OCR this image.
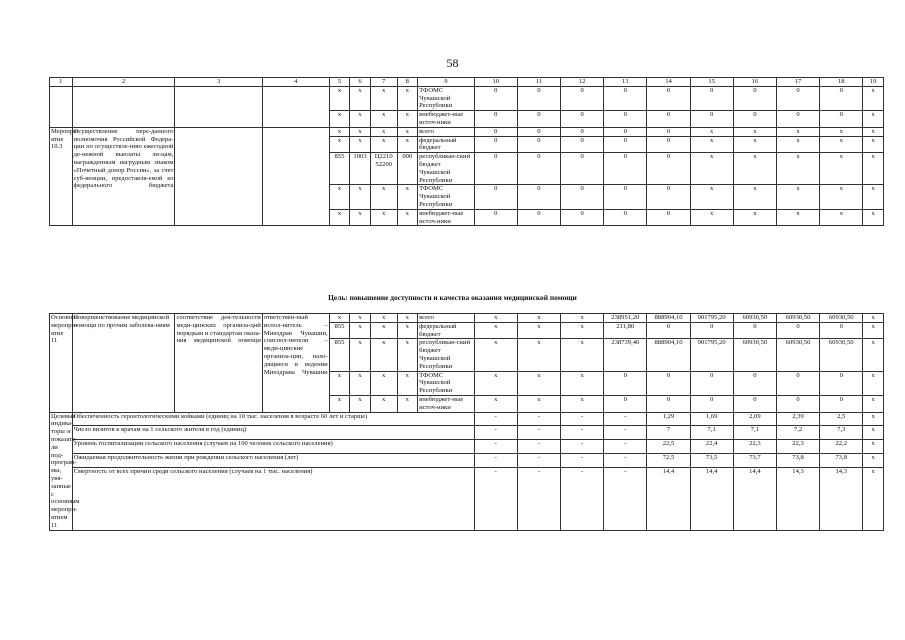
58
1	2	3	4	5	6	7	8	9	10	11	12	13	14	15	16	17	18	19
				x	x	x	x	ТФОМС Чувашской Республики	0	0	0	0	0	0	0	0	0	x
				x	x	x	x	внебюджет-ные источ-ники	0	0	0	0	0	0	0	0	0	x
Меропри-ятие 10.3	Осуществление пере-данного полномочия Российской Федера-ции по осуществле-нию ежегодной де-нежной выплаты ли-цам, награжденным нагрудным знаком «Почетный донор России», за счет суб-венции, предоставля-емой из федерального бюджета			x	x	x	x	всего	0	0	0	0	0	x	x	x	x	x
				x	x	x	x	федеральный бюджет	0	0	0	0	0	x	x	x	x	x
				855	1003	Ц2210 52200	000	республикан-ский бюджет Чувашской Республики	0	0	0	0	0	x	x	x	x	x
				x	x	x	x	ТФОМС Чувашской Республики	0	0	0	0	0	x	x	x	x	x
				x	x	x	x	внебюджет-ные источ-ники	0	0	0	0	0	x	x	x	x	x
Цель: повышение доступности и качества оказания медицинской помощи
Основное меропри-ятие 11	Совершенствование медицинской помощи по прочим заболева-ниям	соответствие дея-тельности меди-цинских организа-ций порядкам и стандартам оказа-ния медицинской помощи	ответствен-ный испол-нитель – Минздрав Чувашии, соиспол-нители – меди-цинские организа-ции, нахо-дящиеся в ведении Минздрава Чувашии	x	x	x	x	всего	x	x	x	238951,20	888904,10	901795,20	60930,50	60930,50	60930,50	x
				855	x	x	x	федеральный бюджет	x	x	x	211,80	0	0	0	0	0	x
				855	x	x	x	республикан-ский бюджет Чувашской Республики	x	x	x	238739,40	888904,10	901795,20	60930,50	60930,50	60930,50	x
				x	x	x	x	ТФОМС Чувашской Республики	x	x	x	0	0	0	0	0	0	x
				x	x	x	x	внебюджет-ные источ-ники	x	x	x	0	0	0	0	0	0	x
Целевые индика-торы и показате-ли под-програм-мы, увя-занные с основным меропри-ятием 11	Обеспеченность геронтологическими койками (единиц на 10 тыс. населения в возрасте 60 лет и старше)								-	-	-	-	1,29	1,69	2,09	2,39	2,5	x
	Число визитов к врачам на 1 сельского жителя в год (единиц)								-	-	-	-	7	7,1	7,1	7,2	7,3	x
	Уровень госпитализации сельского населения (случаев на 100 человек сельского населения)								-	-	-	-	22,5	22,4	22,3	22,3	22,2	x
	Ожидаемая продолжительность жизни при рождении сельского населения (лет)								-	-	-	-	72,5	73,5	73,7	73,8	73,8	x
	Смертность от всех причин среди сельского населения (случаев на 1 тыс. населения)								-	-	-	-	14,4	14,4	14,4	14,3	14,3	x
